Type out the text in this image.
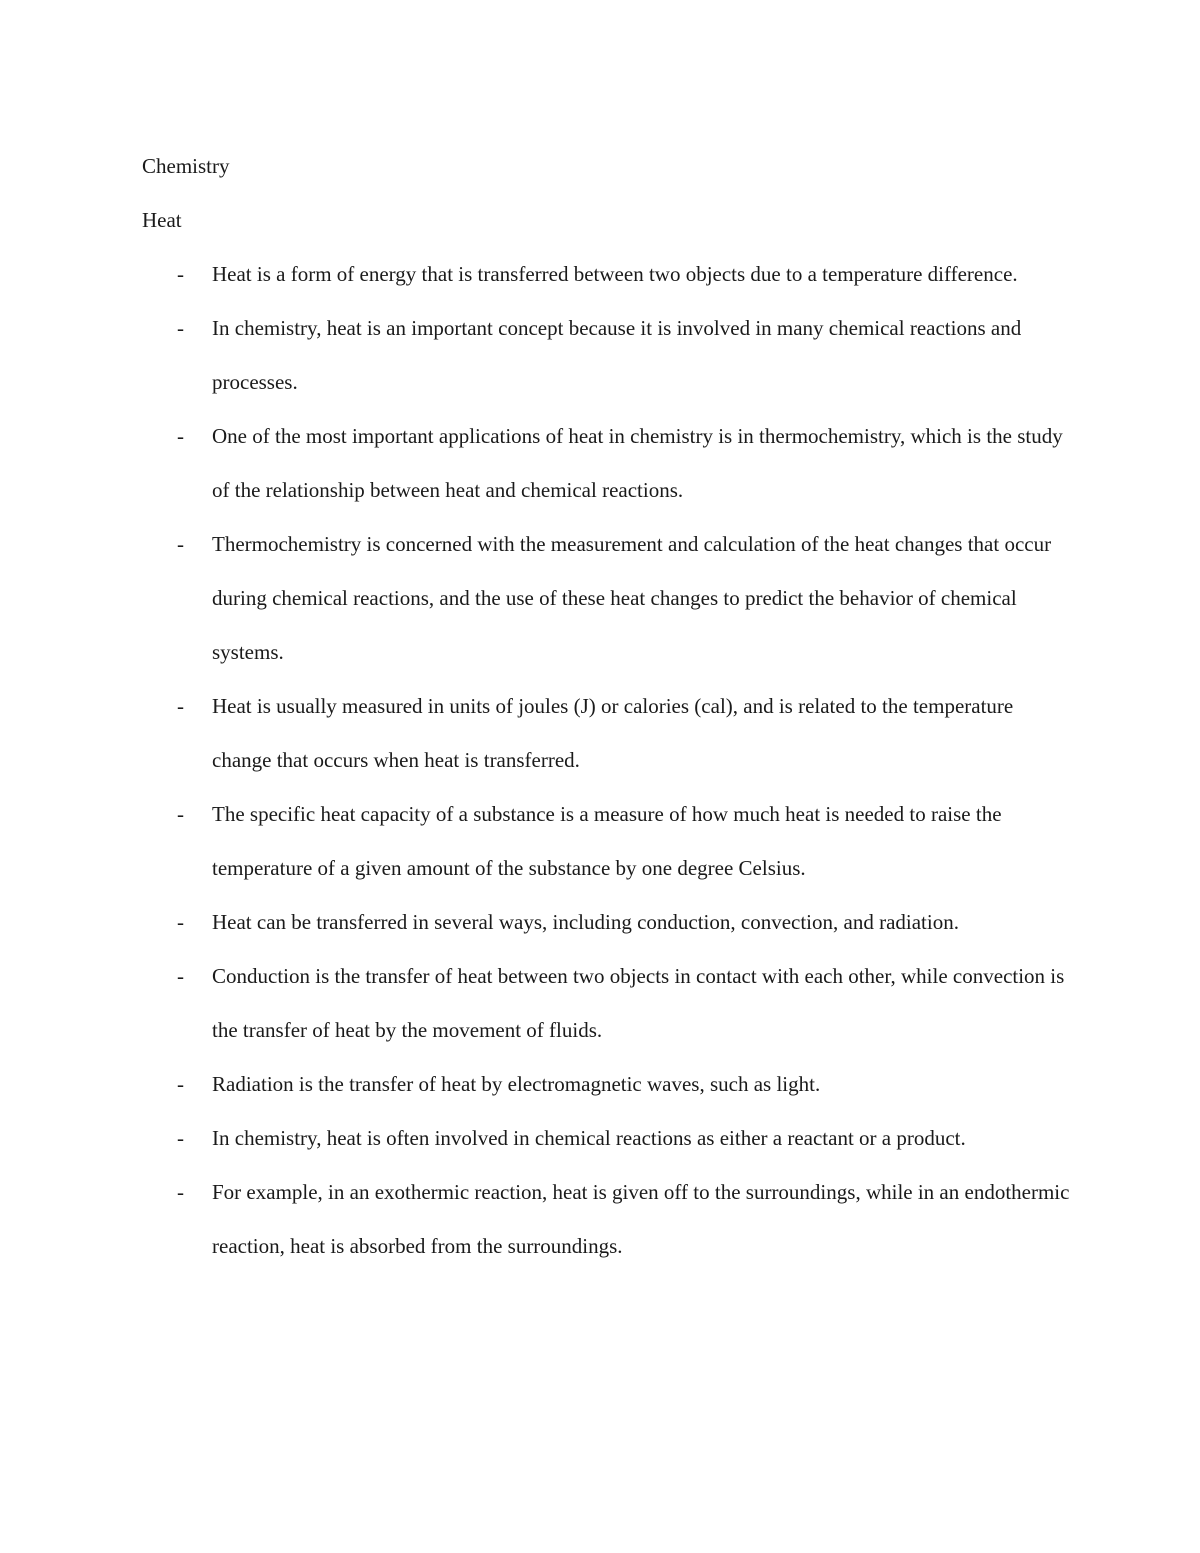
Chemistry

Heat

- Heat is a form of energy that is transferred between two objects due to a temperature difference.
- In chemistry, heat is an important concept because it is involved in many chemical reactions and processes.
- One of the most important applications of heat in chemistry is in thermochemistry, which is the study of the relationship between heat and chemical reactions.
- Thermochemistry is concerned with the measurement and calculation of the heat changes that occur during chemical reactions, and the use of these heat changes to predict the behavior of chemical systems.
- Heat is usually measured in units of joules (J) or calories (cal), and is related to the temperature change that occurs when heat is transferred.
- The specific heat capacity of a substance is a measure of how much heat is needed to raise the temperature of a given amount of the substance by one degree Celsius.
- Heat can be transferred in several ways, including conduction, convection, and radiation.
- Conduction is the transfer of heat between two objects in contact with each other, while convection is the transfer of heat by the movement of fluids.
- Radiation is the transfer of heat by electromagnetic waves, such as light.
- In chemistry, heat is often involved in chemical reactions as either a reactant or a product.
- For example, in an exothermic reaction, heat is given off to the surroundings, while in an endothermic reaction, heat is absorbed from the surroundings.
